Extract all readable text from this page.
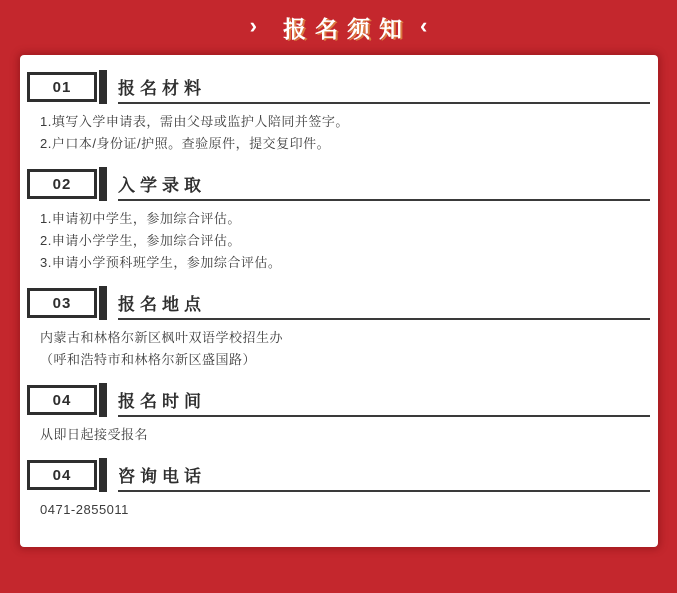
› 报名须知 ‹
01	报名材料
1.填写入学申请表，需由父母或监护人陪同并签字。
2.户口本/身份证/护照。查验原件，提交复印件。
02	入学录取
1.申请初中学生，参加综合评估。
2.申请小学学生，参加综合评估。
3.申请小学预科班学生，参加综合评估。
03	报名地点
内蒙古和林格尔新区枫叶双语学校招生办
（呼和浩特市和林格尔新区盛国路）
04	报名时间
从即日起接受报名
04	咨询电话
0471-2855011
